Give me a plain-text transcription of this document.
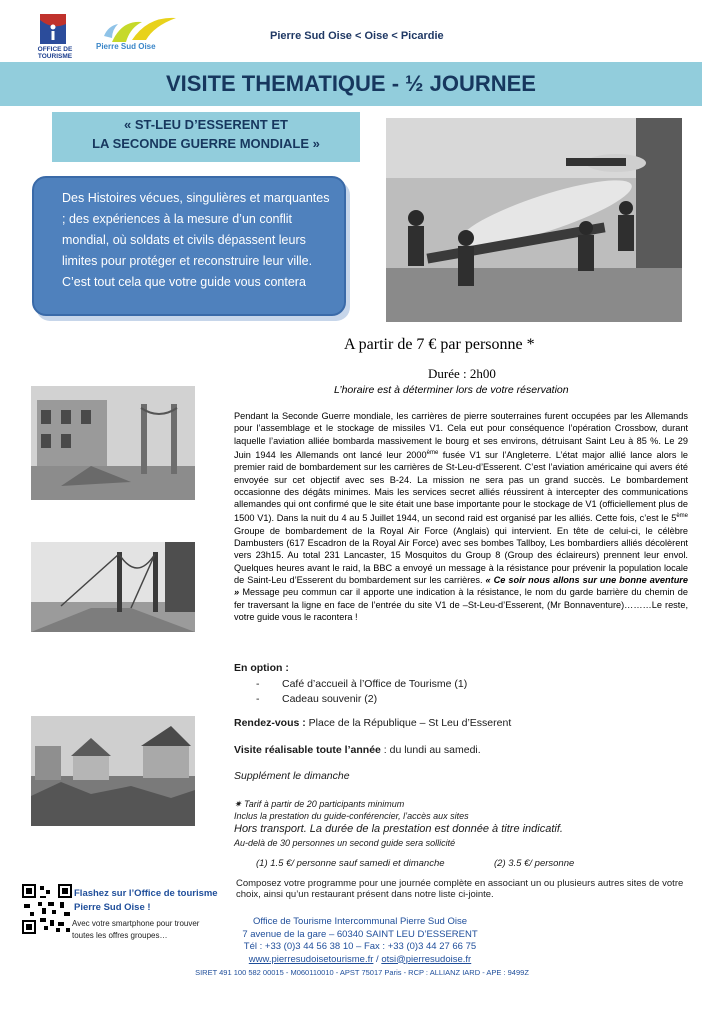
OFFICE DE TOURISME
Pierre Sud Oise
Pierre Sud Oise < Oise < Picardie
VISITE THEMATIQUE - ½ JOURNEE
« ST-LEU D’ESSERENT ET
LA SECONDE GUERRE MONDIALE »
Des Histoires vécues, singulières et marquantes ; des expériences à la mesure d’un conflit mondial, où soldats et civils dépassent leurs limites pour protéger et reconstruire leur ville. C’est tout cela que votre guide vous contera
A partir de 7 € par personne *
Durée : 2h00
L’horaire est à déterminer lors de votre réservation

Pendant la Seconde Guerre mondiale, les carrières de pierre souterraines furent occupées par les Allemands pour l’assemblage et le stockage de missiles V1. Cela eut pour conséquence l’opération Crossbow, durant laquelle l’aviation alliée bombarda massivement le bourg et ses environs, détruisant Saint Leu à 85 %. Le 29 Juin 1944 les Allemands ont lancé leur 2000ème fusée V1 sur l’Angleterre. L’état major allié lance alors le premier raid de bombardement sur les carrières de St-Leu-d’Esserent. C’est l’aviation américaine qui avers été envoyée sur cet objectif avec ses B-24. La mission ne sera pas un grand succès. Le bombardement occasionne des dégâts minimes. Mais les services secret alliés réussirent à intercepter des communications allemandes qui ont confirmé que le site était une base importante pour le stockage de V1 (officiellement plus de 1500 V1). Dans la nuit du 4 au 5 Juillet 1944, un second raid est organisé par les alliés. Cette fois, c’est le 5ème Groupe de bombardement de la Royal Air Force (Anglais) qui intervient. En tête de celui-ci, le célèbre Dambusters (617 Escadron de la Royal Air Force) avec ses bombes Tallboy, Les bombardiers alliés décolèrent vers 23h15. Au total 231 Lancaster, 15 Mosquitos du Group 8 (Group des éclaireurs) prennent leur envol. Quelques heures avant le raid, la BBC a envoyé un message à la résistance pour prévenir la population locale de Saint-Leu d’Esserent du bombardement sur les carrières. « Ce soir nous allons sur une bonne aventure » Message peu commun car il apporte une indication à la résistance, le nom du garde barrière du chemin de fer traversant la ligne en face de l’entrée du site V1 de –St-Leu-d’Esserent, (Mr Bonnaventure)………Le reste, votre guide vous le racontera !

En option :
- Café d’accueil à l’Office de Tourisme (1)
- Cadeau souvenir (2)
Rendez-vous : Place de la République – St Leu d’Esserent
Visite réalisable toute l’année : du lundi au samedi.
Supplément le dimanche
✷ Tarif à partir de 20 participants minimum
Inclus la prestation du guide-conférencier, l’accès aux sites
Hors transport. La durée de la prestation est donnée à titre indicatif.
Au-delà de 30 personnes un second guide sera sollicité
(1) 1.5 €/ personne sauf samedi et dimanche	(2) 3.5 €/ personne
Composez votre programme pour une journée complète en associant un ou plusieurs autres sites de votre choix, ainsi qu’un restaurant présent dans notre liste ci-jointe.
Flashez sur l’Office de tourisme
Pierre Sud Oise !
Avec votre smartphone pour trouver
toutes les offres groupes…
Office de Tourisme Intercommunal Pierre Sud Oise
7 avenue de la gare – 60340 SAINT LEU D’ESSERENT
Tél : +33 (0)3 44 56 38 10 – Fax : +33 (0)3 44 27 66 75
www.pierresudoisetourisme.fr / otsi@pierresudoise.fr
SIRET 491 100 582 00015 - M060110010 - APST 75017 Paris - RCP : ALLIANZ IARD - APE : 9499Z
